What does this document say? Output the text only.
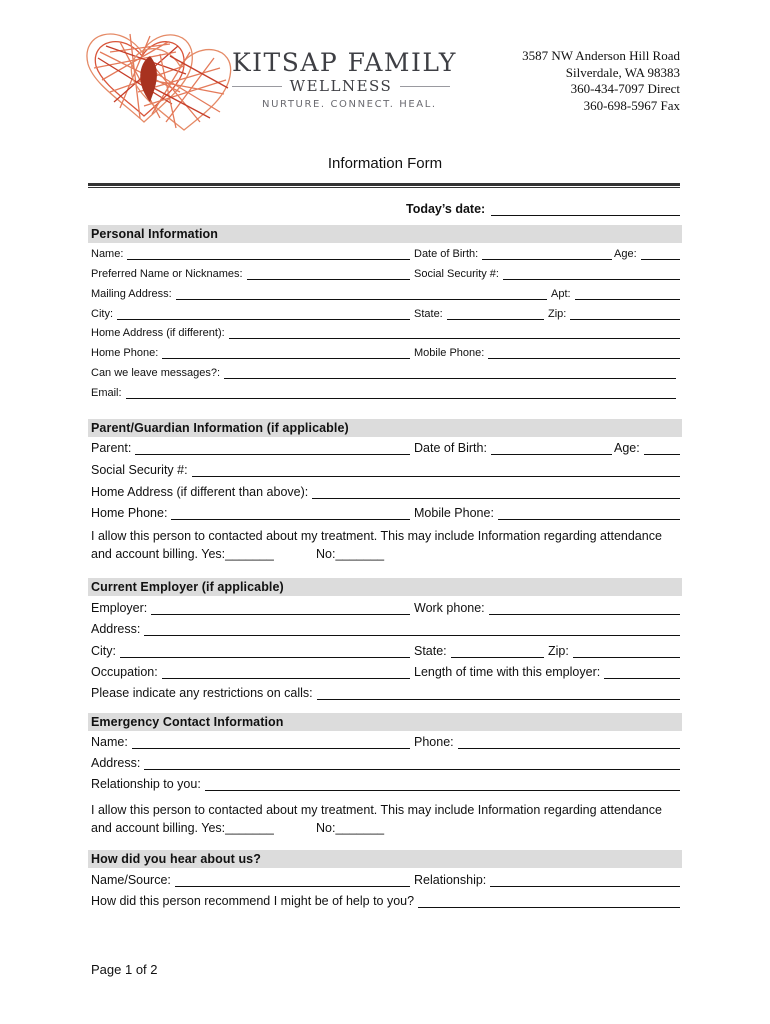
KITSAP FAMILY
WELLNESS
NURTURE. CONNECT. HEAL.
3587 NW Anderson Hill Road
Silverdale, WA 98383
360-434-7097 Direct
360-698-5967 Fax
Information Form
Today’s date:
Personal Information
Name:	Date of Birth:	Age:
Preferred Name or Nicknames:	Social Security #:
Mailing Address:	Apt:
City:	State:	Zip:
Home Address (if different):
Home Phone:	Mobile Phone:
Can we leave messages?:
Email:
Parent/Guardian Information (if applicable)
Parent:	Date of Birth:	Age:
Social Security #:
Home Address (if different than above):
Home Phone:	Mobile Phone:
I allow this person to contacted about my treatment. This may include Information regarding attendance
and account billing. Yes:_______	No:_______
Current Employer (if applicable)
Employer:	Work phone:
Address:
City:	State:	Zip:
Occupation:	Length of time with this employer:
Please indicate any restrictions on calls:
Emergency Contact Information
Name:	Phone:
Address:
Relationship to you:
I allow this person to contacted about my treatment. This may include Information regarding attendance
and account billing. Yes:_______	No:_______
How did you hear about us?
Name/Source:	Relationship:
How did this person recommend I might be of help to you?
Page 1 of 2
